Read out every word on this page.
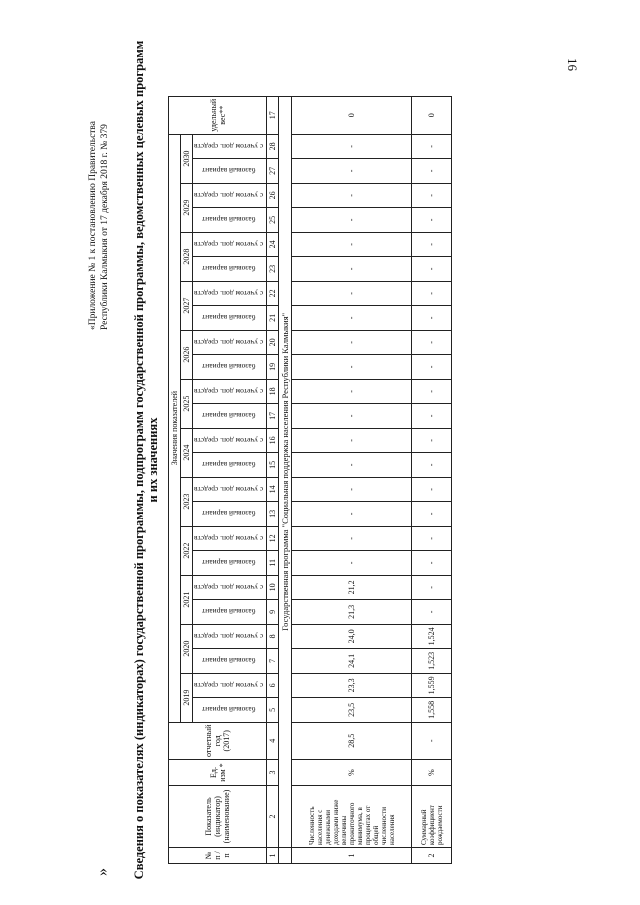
16
«
«Приложение № 1 к постановлению Правительства Республики Калмыкия от 17 декабря 2018 г. № 379 Сведения о показателях (индикаторах) государственной программы, подпрограмм государственной программы, ведомственных целевых программ и их значениях
№ п / п	Показатель (индикатор) (наименование)	Ед. изм *	отчетный год (2017)	Значения показателей																								удельный вес**
				2019		2020		2021		2022		2023		2024		2025		2026		2027		2028		2029		2030		
				базовый вариант	с учетом доп. средств	базовый вариант	с учетом доп. средств	базовый вариант	с учетом доп. средств	базовый вариант	с учетом доп. средств	базовый вариант	с учетом доп. средств	базовый вариант	с учетом доп. средств	базовый вариант	с учетом доп. средств	базовый вариант	с учетом доп. средств	базовый вариант	с учетом доп. средств	базовый вариант	с учетом доп. средств	базовый вариант	с учетом доп. средств	базовый вариант	с учетом доп. средств	
1	2	3	4	5	6	7	8	9	10	11	12	13	14	15	16	17	18	19	20	21	22	23	24	25	26	27	28	17
	Государственная программа "Социальная поддержка населения Республики Калмыкия"																											
1	Численность населения с денежными доходами ниже величины прожиточного минимума, в процентах от общей численности населения	%	28,5	23,5	23,3	24,1	24,0	21,3	21,2	-	-	-	-	-	-	-	-	-	-	-	-	-	-	-	-	-	-	0
2	Суммарный коэффициент рождаемости	%	-	1,558	1,559	1,523	1,524	-	-	-	-	-	-	-	-	-	-	-	-	-	-	-	-	-	-	-	-	0
